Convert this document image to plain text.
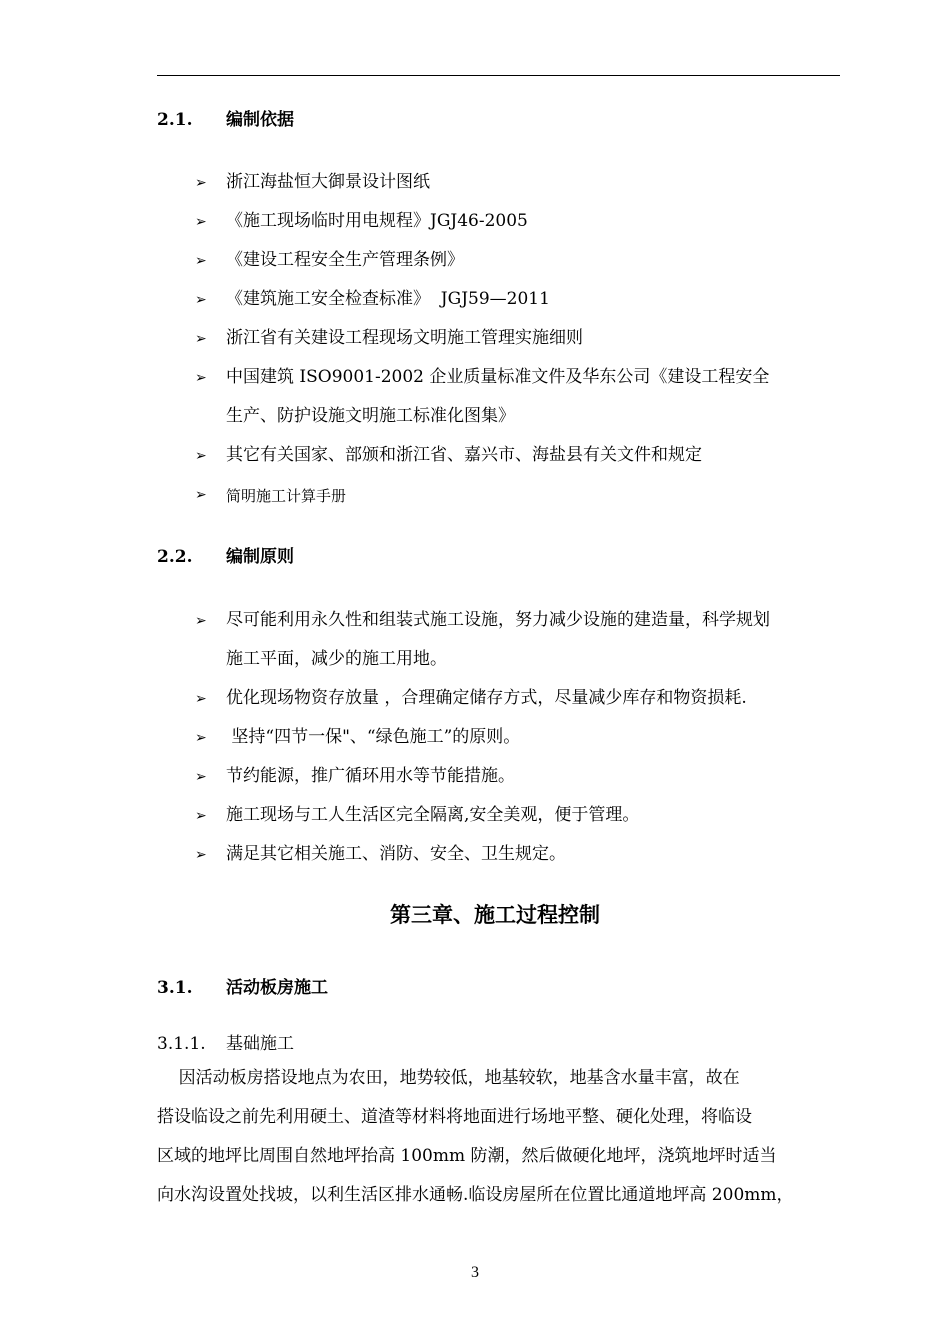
2.1. 编制依据
➢ 浙江海盐恒大御景设计图纸
➢ 《施工现场临时用电规程》JGJ46-2005
➢ 《建设工程安全生产管理条例》
➢ 《建筑施工安全检查标准》  JGJ59—2011
➢ 浙江省有关建设工程现场文明施工管理实施细则
➢ 中国建筑 ISO9001-2002 企业质量标准文件及华东公司《建设工程安全
生产、防护设施文明施工标准化图集》
➢ 其它有关国家、部颁和浙江省、嘉兴市、海盐县有关文件和规定
➢ 简明施工计算手册
2.2. 编制原则
➢ 尽可能利用永久性和组装式施工设施，努力减少设施的建造量，科学规划
施工平面，减少的施工用地。
➢ 优化现场物资存放量 ，合理确定储存方式，尽量减少库存和物资损耗.
➢ 坚持“四节一保"、“绿色施工”的原则。
➢ 节约能源，推广循环用水等节能措施。
➢ 施工现场与工人生活区完全隔离,安全美观，便于管理。
➢ 满足其它相关施工、消防、安全、卫生规定。
第三章、施工过程控制
3.1. 活动板房施工
3.1.1. 基础施工
因活动板房搭设地点为农田，地势较低，地基较软，地基含水量丰富，故在
搭设临设之前先利用硬土、道渣等材料将地面进行场地平整、硬化处理，将临设
区域的地坪比周围自然地坪抬高 100mm 防潮，然后做硬化地坪，浇筑地坪时适当
向水沟设置处找坡，以利生活区排水通畅.临设房屋所在位置比通道地坪高 200mm，
3
